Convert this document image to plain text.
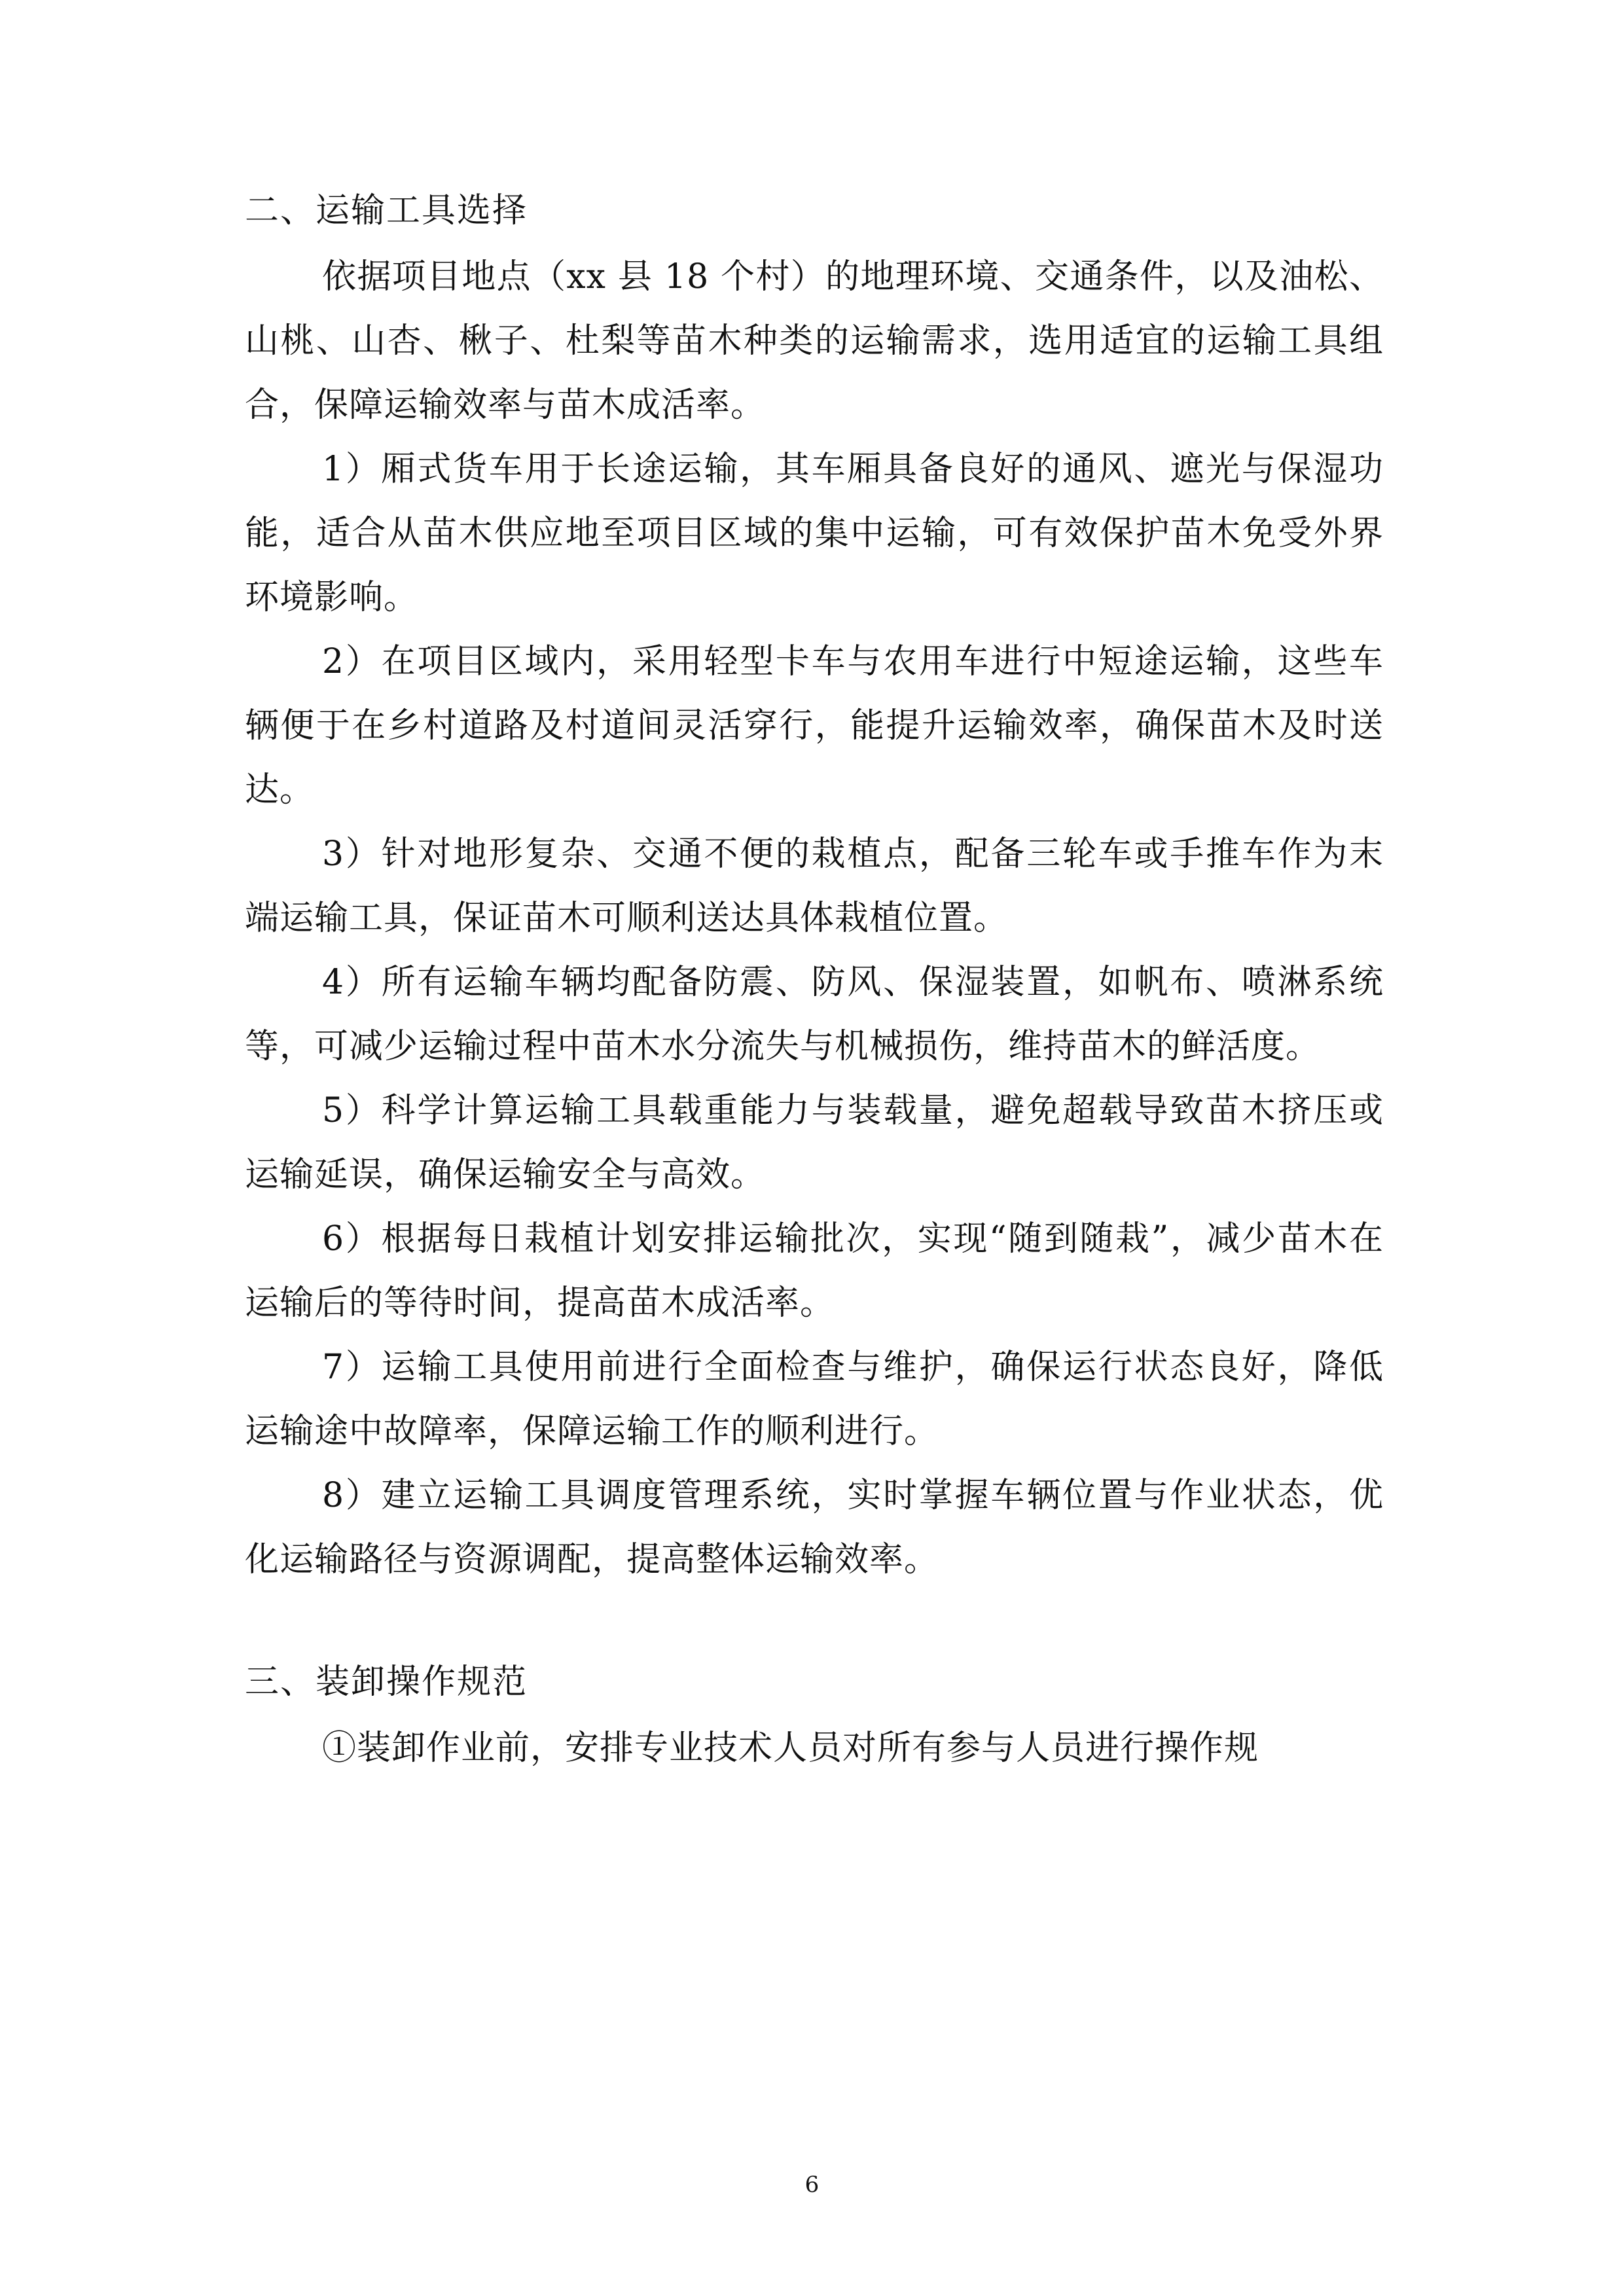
二、运输工具选择

依据项目地点（xx 县 18 个村）的地理环境、交通条件，以及油松、山桃、山杏、楸子、杜梨等苗木种类的运输需求，选用适宜的运输工具组合，保障运输效率与苗木成活率。

1）厢式货车用于长途运输，其车厢具备良好的通风、遮光与保湿功能，适合从苗木供应地至项目区域的集中运输，可有效保护苗木免受外界环境影响。

2）在项目区域内，采用轻型卡车与农用车进行中短途运输，这些车辆便于在乡村道路及村道间灵活穿行，能提升运输效率，确保苗木及时送达。

3）针对地形复杂、交通不便的栽植点，配备三轮车或手推车作为末端运输工具，保证苗木可顺利送达具体栽植位置。

4）所有运输车辆均配备防震、防风、保湿装置，如帆布、喷淋系统等，可减少运输过程中苗木水分流失与机械损伤，维持苗木的鲜活度。

5）科学计算运输工具载重能力与装载量，避免超载导致苗木挤压或运输延误，确保运输安全与高效。

6）根据每日栽植计划安排运输批次，实现“随到随栽”，减少苗木在运输后的等待时间，提高苗木成活率。

7）运输工具使用前进行全面检查与维护，确保运行状态良好，降低运输途中故障率，保障运输工作的顺利进行。

8）建立运输工具调度管理系统，实时掌握车辆位置与作业状态，优化运输路径与资源调配，提高整体运输效率。

三、装卸操作规范

①装卸作业前，安排专业技术人员对所有参与人员进行操作规

6
